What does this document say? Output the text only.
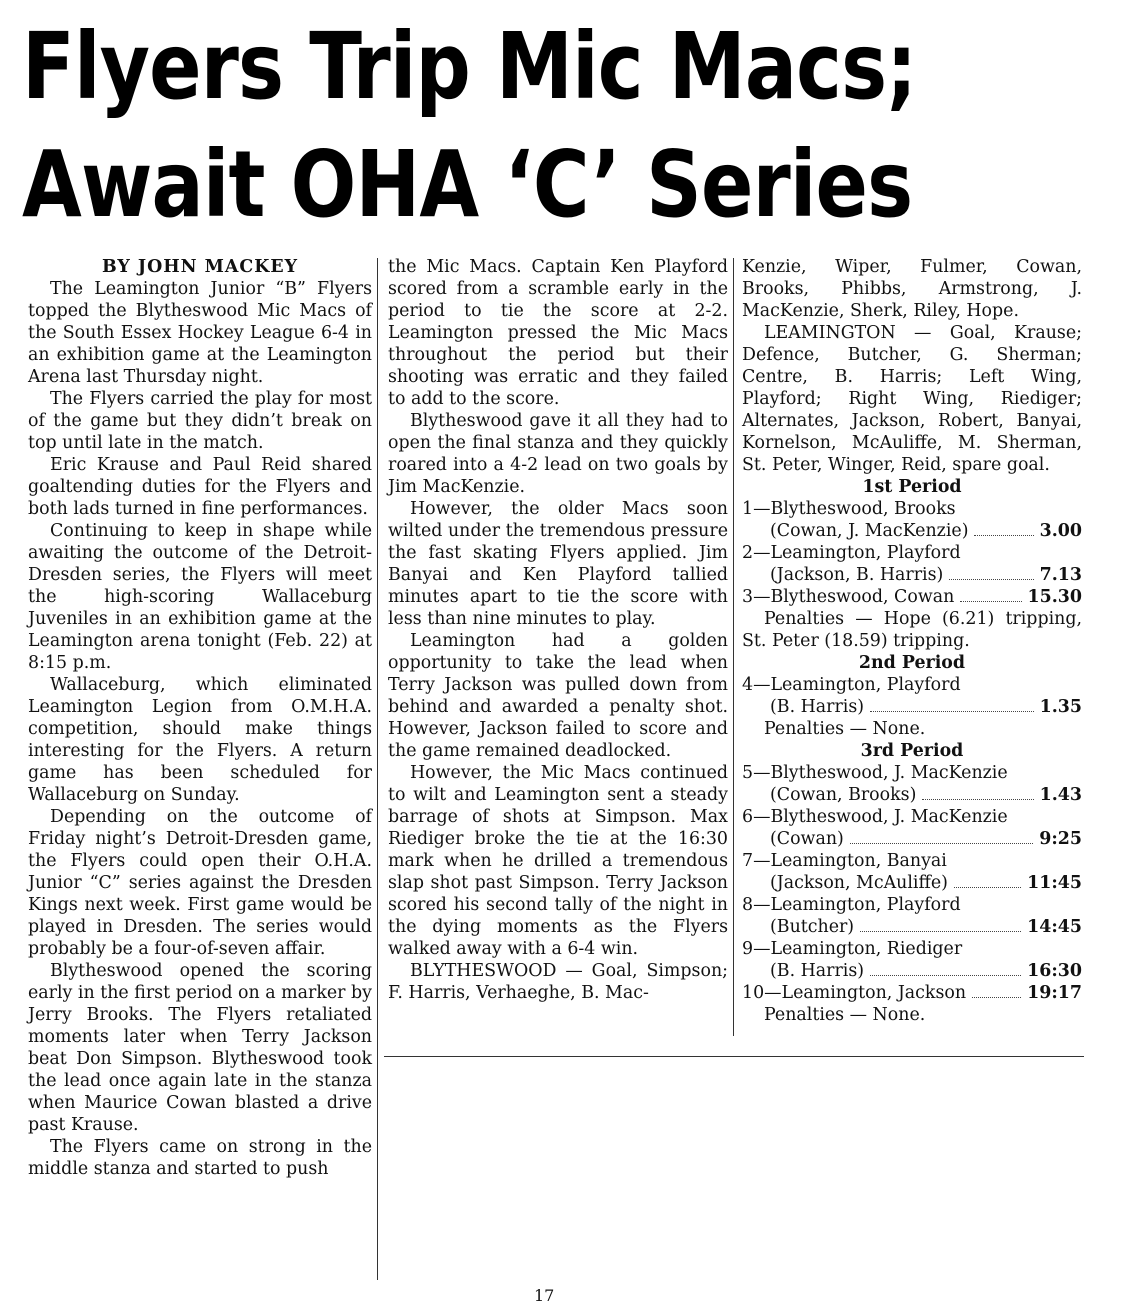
Flyers Trip Mic Macs;
Await OHA ‘C’ Series

BY JOHN MACKEY

The Leamington Junior “B” Flyers topped the Blytheswood Mic Macs of the South Essex Hockey League 6-4 in an exhibition game at the Leamington Arena last Thursday night.

The Flyers carried the play for most of the game but they didn’t break on top until late in the match.

Eric Krause and Paul Reid shared goaltending duties for the Flyers and both lads turned in fine performances.

Continuing to keep in shape while awaiting the outcome of the Detroit-Dresden series, the Flyers will meet the high-scoring Wallaceburg Juveniles in an exhibition game at the Leamington arena tonight (Feb. 22) at 8:15 p.m.

Wallaceburg, which eliminated Leamington Legion from O.M.H.A. competition, should make things interesting for the Flyers. A return game has been scheduled for Wallaceburg on Sunday.

Depending on the outcome of Friday night’s Detroit-Dresden game, the Flyers could open their O.H.A. Junior “C” series against the Dresden Kings next week. First game would be played in Dresden. The series would probably be a four-of-seven affair.

Blytheswood opened the scoring early in the first period on a marker by Jerry Brooks. The Flyers retaliated moments later when Terry Jackson beat Don Simpson. Blytheswood took the lead once again late in the stanza when Maurice Cowan blasted a drive past Krause.

The Flyers came on strong in the middle stanza and started to push

the Mic Macs. Captain Ken Playford scored from a scramble early in the period to tie the score at 2-2. Leamington pressed the Mic Macs throughout the period but their shooting was erratic and they failed to add to the score.

Blytheswood gave it all they had to open the final stanza and they quickly roared into a 4-2 lead on two goals by Jim MacKenzie.

However, the older Macs soon wilted under the tremendous pressure the fast skating Flyers applied. Jim Banyai and Ken Playford tallied minutes apart to tie the score with less than nine minutes to play.

Leamington had a golden opportunity to take the lead when Terry Jackson was pulled down from behind and awarded a penalty shot. However, Jackson failed to score and the game remained deadlocked.

However, the Mic Macs continued to wilt and Leamington sent a steady barrage of shots at Simpson. Max Riediger broke the tie at the 16:30 mark when he drilled a tremendous slap shot past Simpson. Terry Jackson scored his second tally of the night in the dying moments as the Flyers walked away with a 6-4 win.

BLYTHESWOOD — Goal, Simpson; F. Harris, Verhaeghe, B. Mac-

Kenzie, Wiper, Fulmer, Cowan, Brooks, Phibbs, Armstrong, J. MacKenzie, Sherk, Riley, Hope.

LEAMINGTON — Goal, Krause; Defence, Butcher, G. Sherman; Centre, B. Harris; Left Wing, Playford; Right Wing, Riediger; Alternates, Jackson, Robert, Banyai, Kornelson, McAuliffe, M. Sherman, St. Peter, Winger, Reid, spare goal.

1st Period

1—Blytheswood, Brooks
(Cowan, J. MacKenzie)	3.00
2—Leamington, Playford
(Jackson, B. Harris)	7.13
3—Blytheswood, Cowan	15.30

Penalties — Hope (6.21) tripping, St. Peter (18.59) tripping.

2nd Period

4—Leamington, Playford
(B. Harris)	1.35

Penalties — None.

3rd Period

5—Blytheswood, J. MacKenzie
(Cowan, Brooks)	1.43
6—Blytheswood, J. MacKenzie
(Cowan)	9:25
7—Leamington, Banyai
(Jackson, McAuliffe)	11:45
8—Leamington, Playford
(Butcher)	14:45
9—Leamington, Riediger
(B. Harris)	16:30
10—Leamington, Jackson	19:17

Penalties — None.

17
